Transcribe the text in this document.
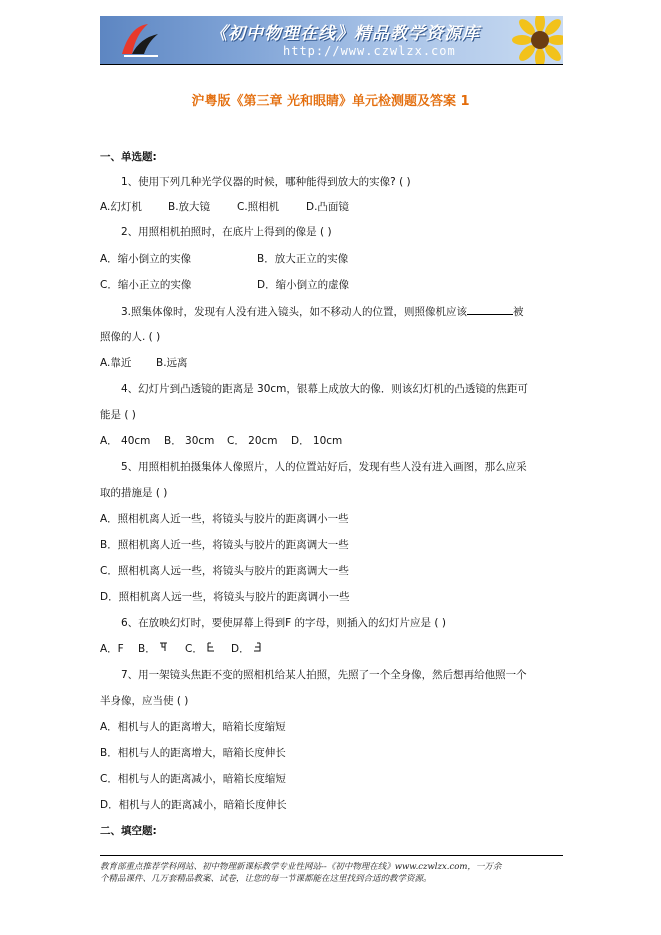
《初中物理在线》精品教学资源库
http://www.czwlzx.com
沪粤版《第三章 光和眼睛》单元检测题及答案 1
一、单选题:
1、使用下列几种光学仪器的时候，哪种能得到放大的实像? ( )
A.幻灯机 B.放大镜	C.照相机	D.凸面镜
2、用照相机拍照时，在底片上得到的像是 ( )
A．缩小倒立的实像	B．放大正立的实像
C．缩小正立的实像	D．缩小倒立的虚像
3.照集体像时，发现有人没有进入镜头，如不移动人的位置，则照像机应该	被
照像的人. ( )
A.靠近 B.远离
4、幻灯片到凸透镜的距离是 30cm，银幕上成放大的像．则该幻灯机的凸透镜的焦距可
能是 ( )
A． 40cm B． 30cm C． 20cm D． 10cm
5、用照相机拍摄集体人像照片，人的位置站好后，发现有些人没有进入画图，那么应采
取的措施是 ( )
A．照相机离人近一些，将镜头与胶片的距离调小一些
B．照相机离人近一些，将镜头与胶片的距离调大一些
C．照相机离人远一些，将镜头与胶片的距离调大一些
D．照相机离人远一些，将镜头与胶片的距离调小一些
6、在放映幻灯时，要使屏幕上得到F 的字母，则插入的幻灯片应是 ( )
A．F B．	C．	D．
7、用一架镜头焦距不变的照相机给某人拍照，先照了一个全身像，然后想再给他照一个
半身像，应当使 ( )
A．相机与人的距离增大，暗箱长度缩短
B．相机与人的距离增大，暗箱长度伸长
C．相机与人的距离减小，暗箱长度缩短
D．相机与人的距离减小，暗箱长度伸长
二、填空题:
教育部重点推荐学科网站、初中物理新课标教学专业性网站--《初中物理在线》www.czwlzx.com，一万余
个精品课件、几万套精品教案、试卷，让您的每一节课都能在这里找到合适的教学资源。
